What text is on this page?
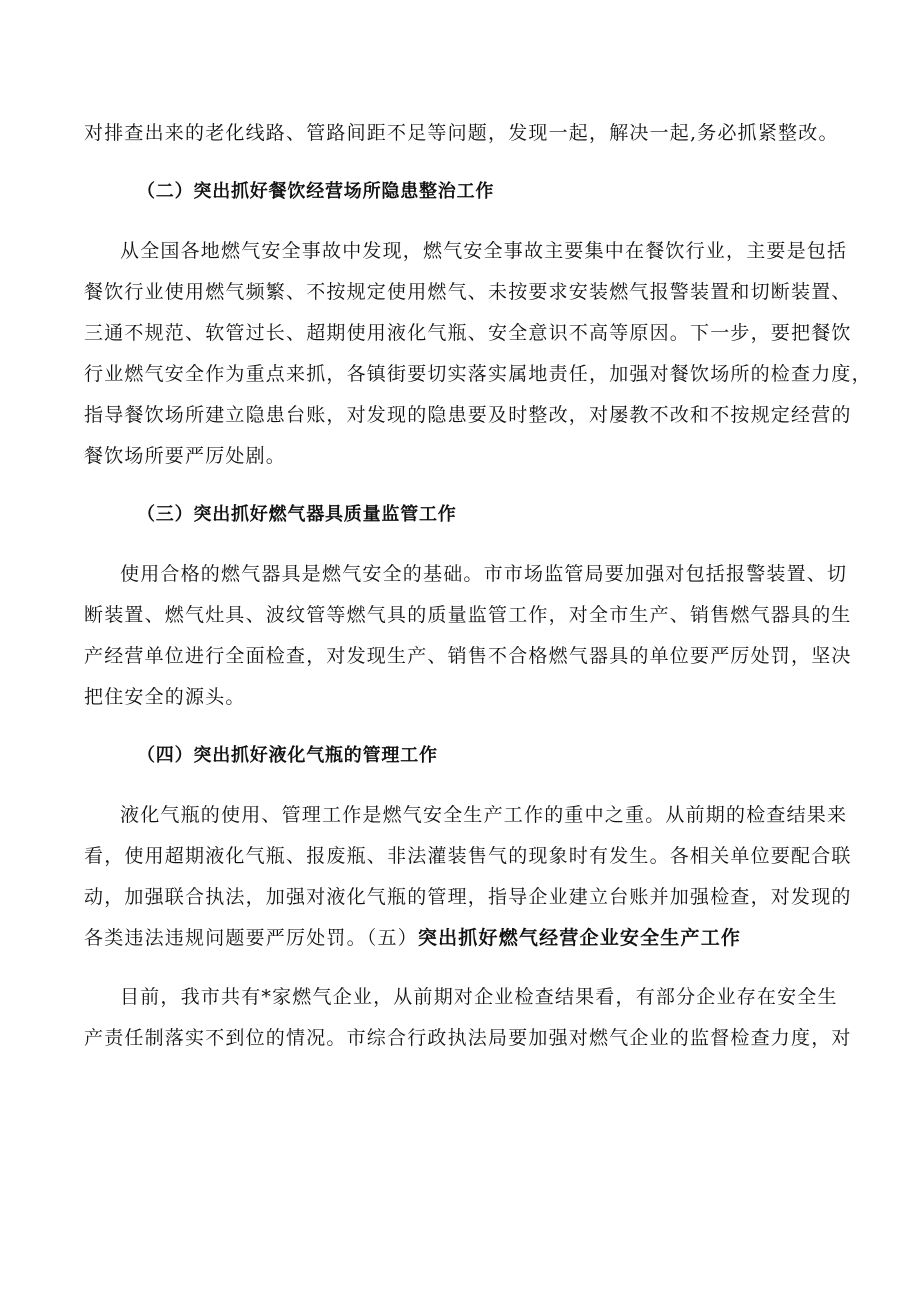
对排查出来的老化线路、管路间距不足等问题，发现一起，解决一起,务必抓紧整改。
（二）突出抓好餐饮经营场所隐患整治工作
从全国各地燃气安全事故中发现，燃气安全事故主要集中在餐饮行业，主要是包括
餐饮行业使用燃气频繁、不按规定使用燃气、未按要求安装燃气报警装置和切断装置、
三通不规范、软管过长、超期使用液化气瓶、安全意识不高等原因。下一步，要把餐饮
行业燃气安全作为重点来抓，各镇街要切实落实属地责任，加强对餐饮场所的检查力度，
指导餐饮场所建立隐患台账，对发现的隐患要及时整改，对屡教不改和不按规定经营的
餐饮场所要严厉处剧。
（三）突出抓好燃气器具质量监管工作
使用合格的燃气器具是燃气安全的基础。市市场监管局要加强对包括报警装置、切
断装置、燃气灶具、波纹管等燃气具的质量监管工作，对全市生产、销售燃气器具的生
产经营单位进行全面检查，对发现生产、销售不合格燃气器具的单位要严厉处罚，坚决
把住安全的源头。
（四）突出抓好液化气瓶的管理工作
液化气瓶的使用、管理工作是燃气安全生产工作的重中之重。从前期的检查结果来
看，使用超期液化气瓶、报废瓶、非法灌装售气的现象时有发生。各相关单位要配合联
动，加强联合执法，加强对液化气瓶的管理，指导企业建立台账并加强检查，对发现的
各类违法违规问题要严厉处罚。（五）突出抓好燃气经营企业安全生产工作
目前，我市共有*家燃气企业，从前期对企业检查结果看，有部分企业存在安全生
产责任制落实不到位的情况。市综合行政执法局要加强对燃气企业的监督检查力度，对
